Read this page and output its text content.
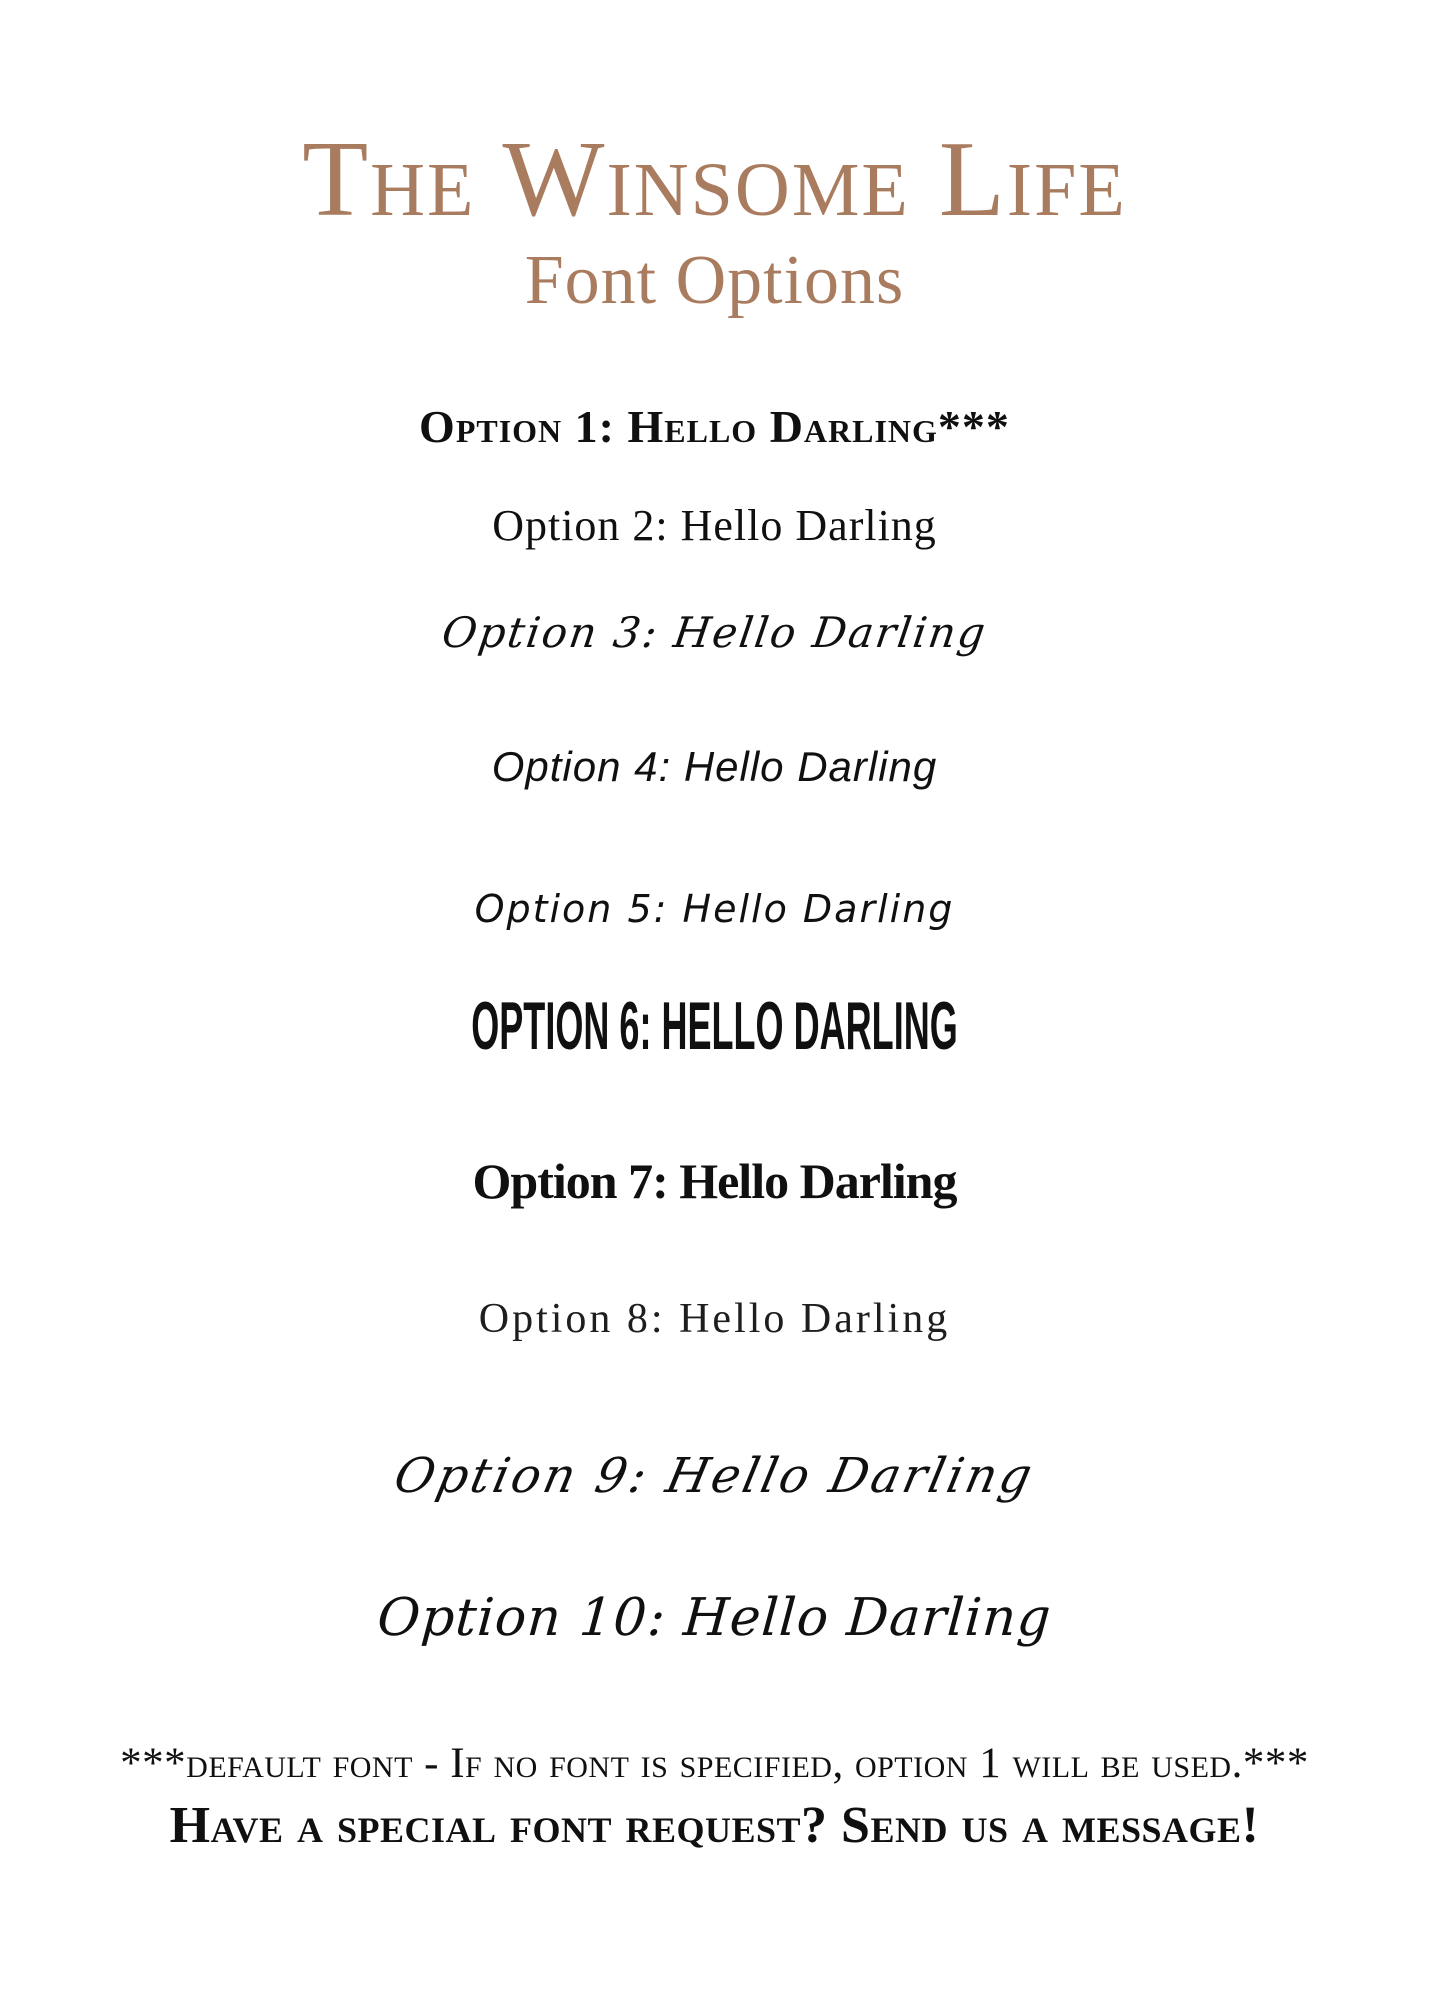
The Winsome Life
Font Options
Option 1: Hello Darling***
Option 2: Hello Darling
Option 3: Hello Darling
Option 4: Hello Darling
Option 5: Hello Darling
OPTION 6: HELLO DARLING
Option 7: Hello Darling
Option 8: Hello Darling
Option 9: Hello Darling
Option 10: Hello Darling
***default font - If no font is specified, option 1 will be used.***
Have a special font request? Send us a message!
